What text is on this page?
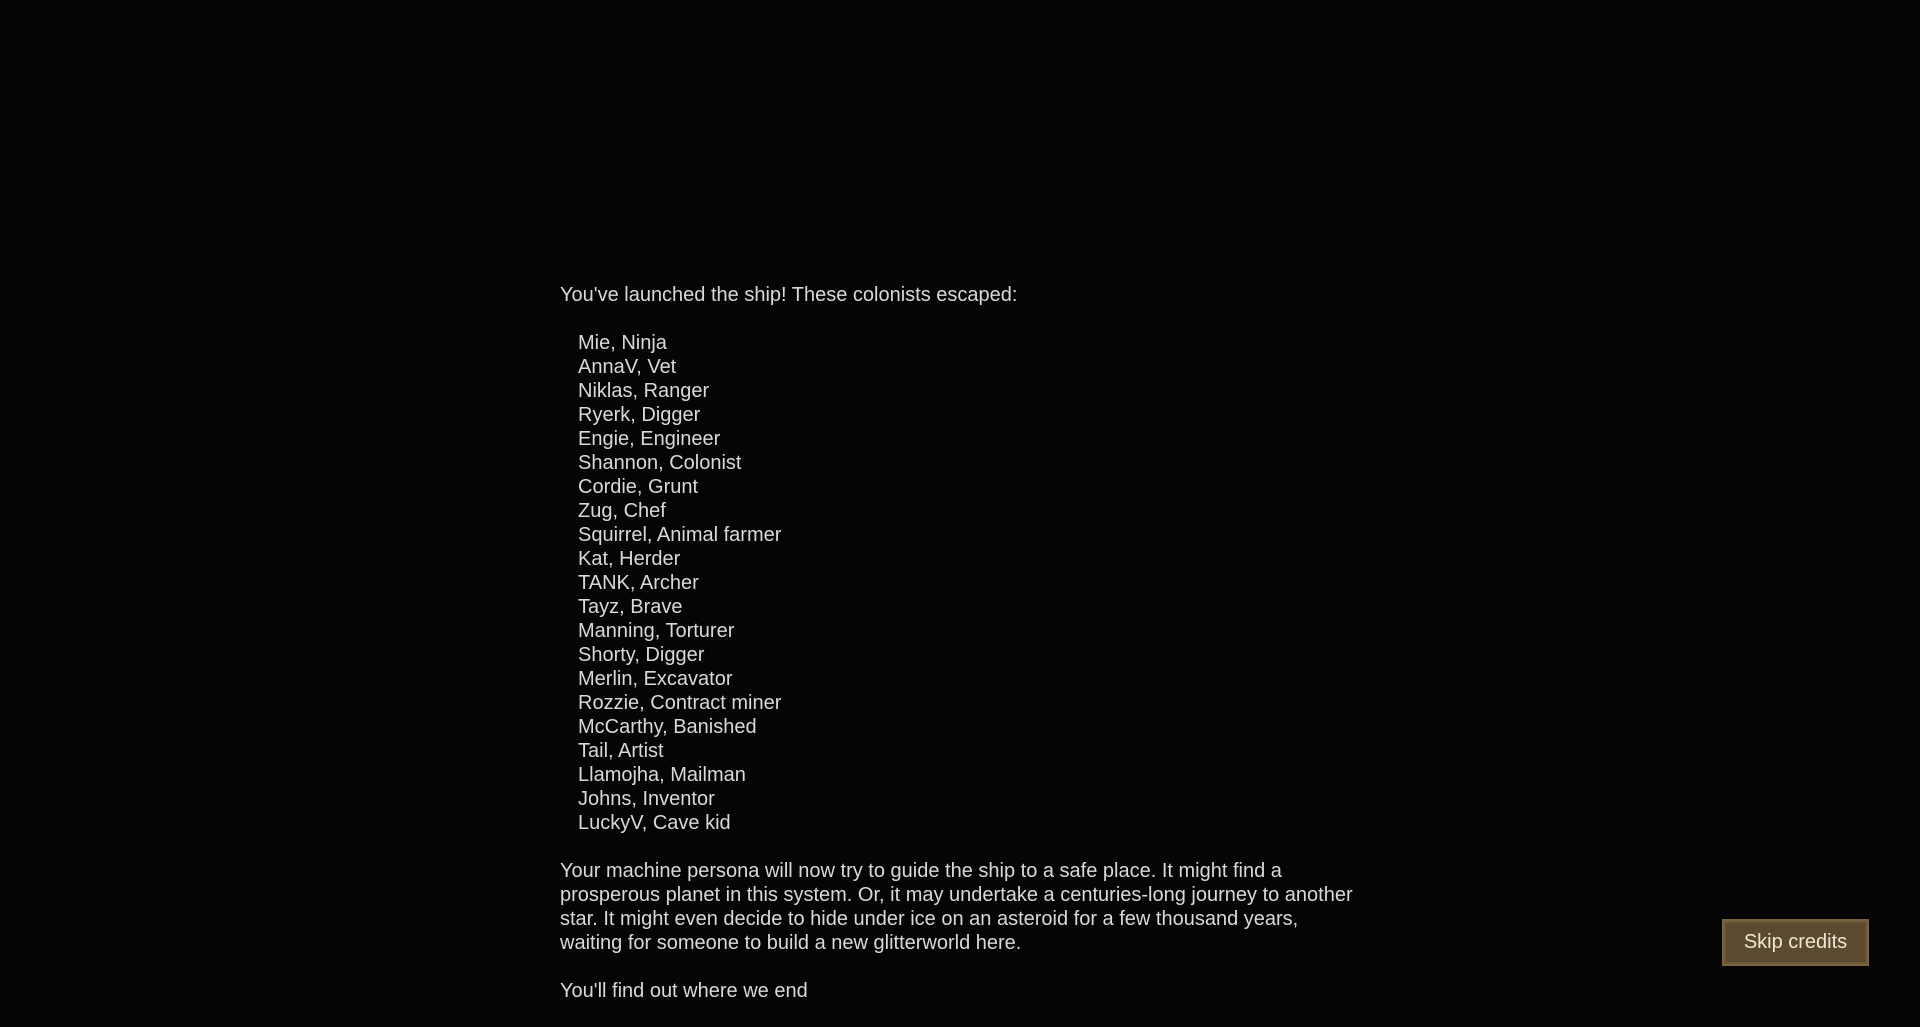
You've launched the ship! These colonists escaped:

Mie, Ninja
AnnaV, Vet
Niklas, Ranger
Ryerk, Digger
Engie, Engineer
Shannon, Colonist
Cordie, Grunt
Zug, Chef
Squirrel, Animal farmer
Kat, Herder
TANK, Archer
Tayz, Brave
Manning, Torturer
Shorty, Digger
Merlin, Excavator
Rozzie, Contract miner
McCarthy, Banished
Tail, Artist
Llamojha, Mailman
Johns, Inventor
LuckyV, Cave kid

Your machine persona will now try to guide the ship to a safe place. It might find a prosperous planet in this system. Or, it may undertake a centuries-long journey to another star. It might even decide to hide under ice on an asteroid for a few thousand years, waiting for someone to build a new glitterworld here.

You'll find out where we end

Skip credits
